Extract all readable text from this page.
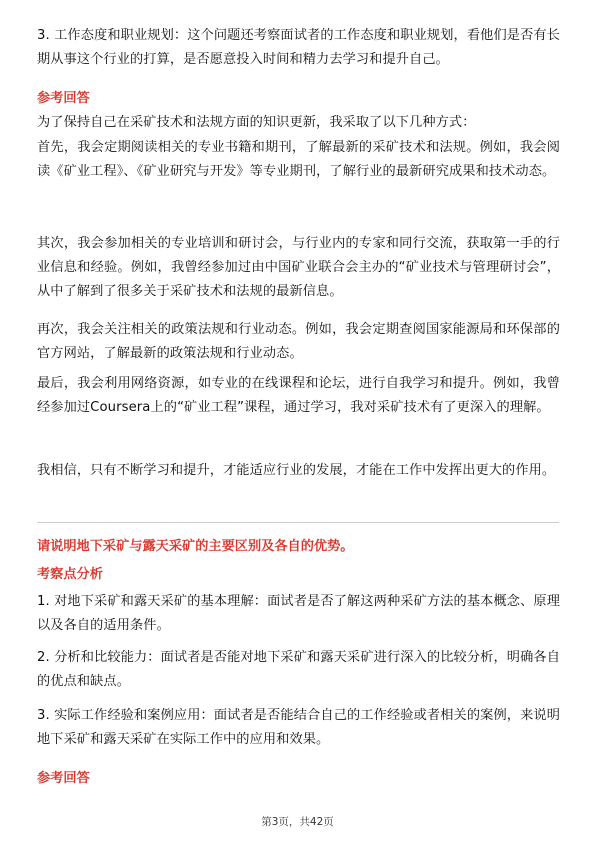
3. 工作态度和职业规划：这个问题还考察面试者的工作态度和职业规划，看他们是否有长期从事这个行业的打算，是否愿意投入时间和精力去学习和提升自己。

参考回答

为了保持自己在采矿技术和法规方面的知识更新，我采取了以下几种方式：

首先，我会定期阅读相关的专业书籍和期刊，了解最新的采矿技术和法规。例如，我会阅读《矿业工程》、《矿业研究与开发》等专业期刊，了解行业的最新研究成果和技术动态。

其次，我会参加相关的专业培训和研讨会，与行业内的专家和同行交流，获取第一手的行业信息和经验。例如，我曾经参加过由中国矿业联合会主办的“矿业技术与管理研讨会”，从中了解到了很多关于采矿技术和法规的最新信息。

再次，我会关注相关的政策法规和行业动态。例如，我会定期查阅国家能源局和环保部的官方网站，了解最新的政策法规和行业动态。

最后，我会利用网络资源，如专业的在线课程和论坛，进行自我学习和提升。例如，我曾经参加过Coursera上的“矿业工程”课程，通过学习，我对采矿技术有了更深入的理解。

我相信，只有不断学习和提升，才能适应行业的发展，才能在工作中发挥出更大的作用。

请说明地下采矿与露天采矿的主要区别及各自的优势。

考察点分析

1. 对地下采矿和露天采矿的基本理解：面试者是否了解这两种采矿方法的基本概念、原理以及各自的适用条件。

2. 分析和比较能力：面试者是否能对地下采矿和露天采矿进行深入的比较分析，明确各自的优点和缺点。

3. 实际工作经验和案例应用：面试者是否能结合自己的工作经验或者相关的案例，来说明地下采矿和露天采矿在实际工作中的应用和效果。

参考回答

第3页，共42页
